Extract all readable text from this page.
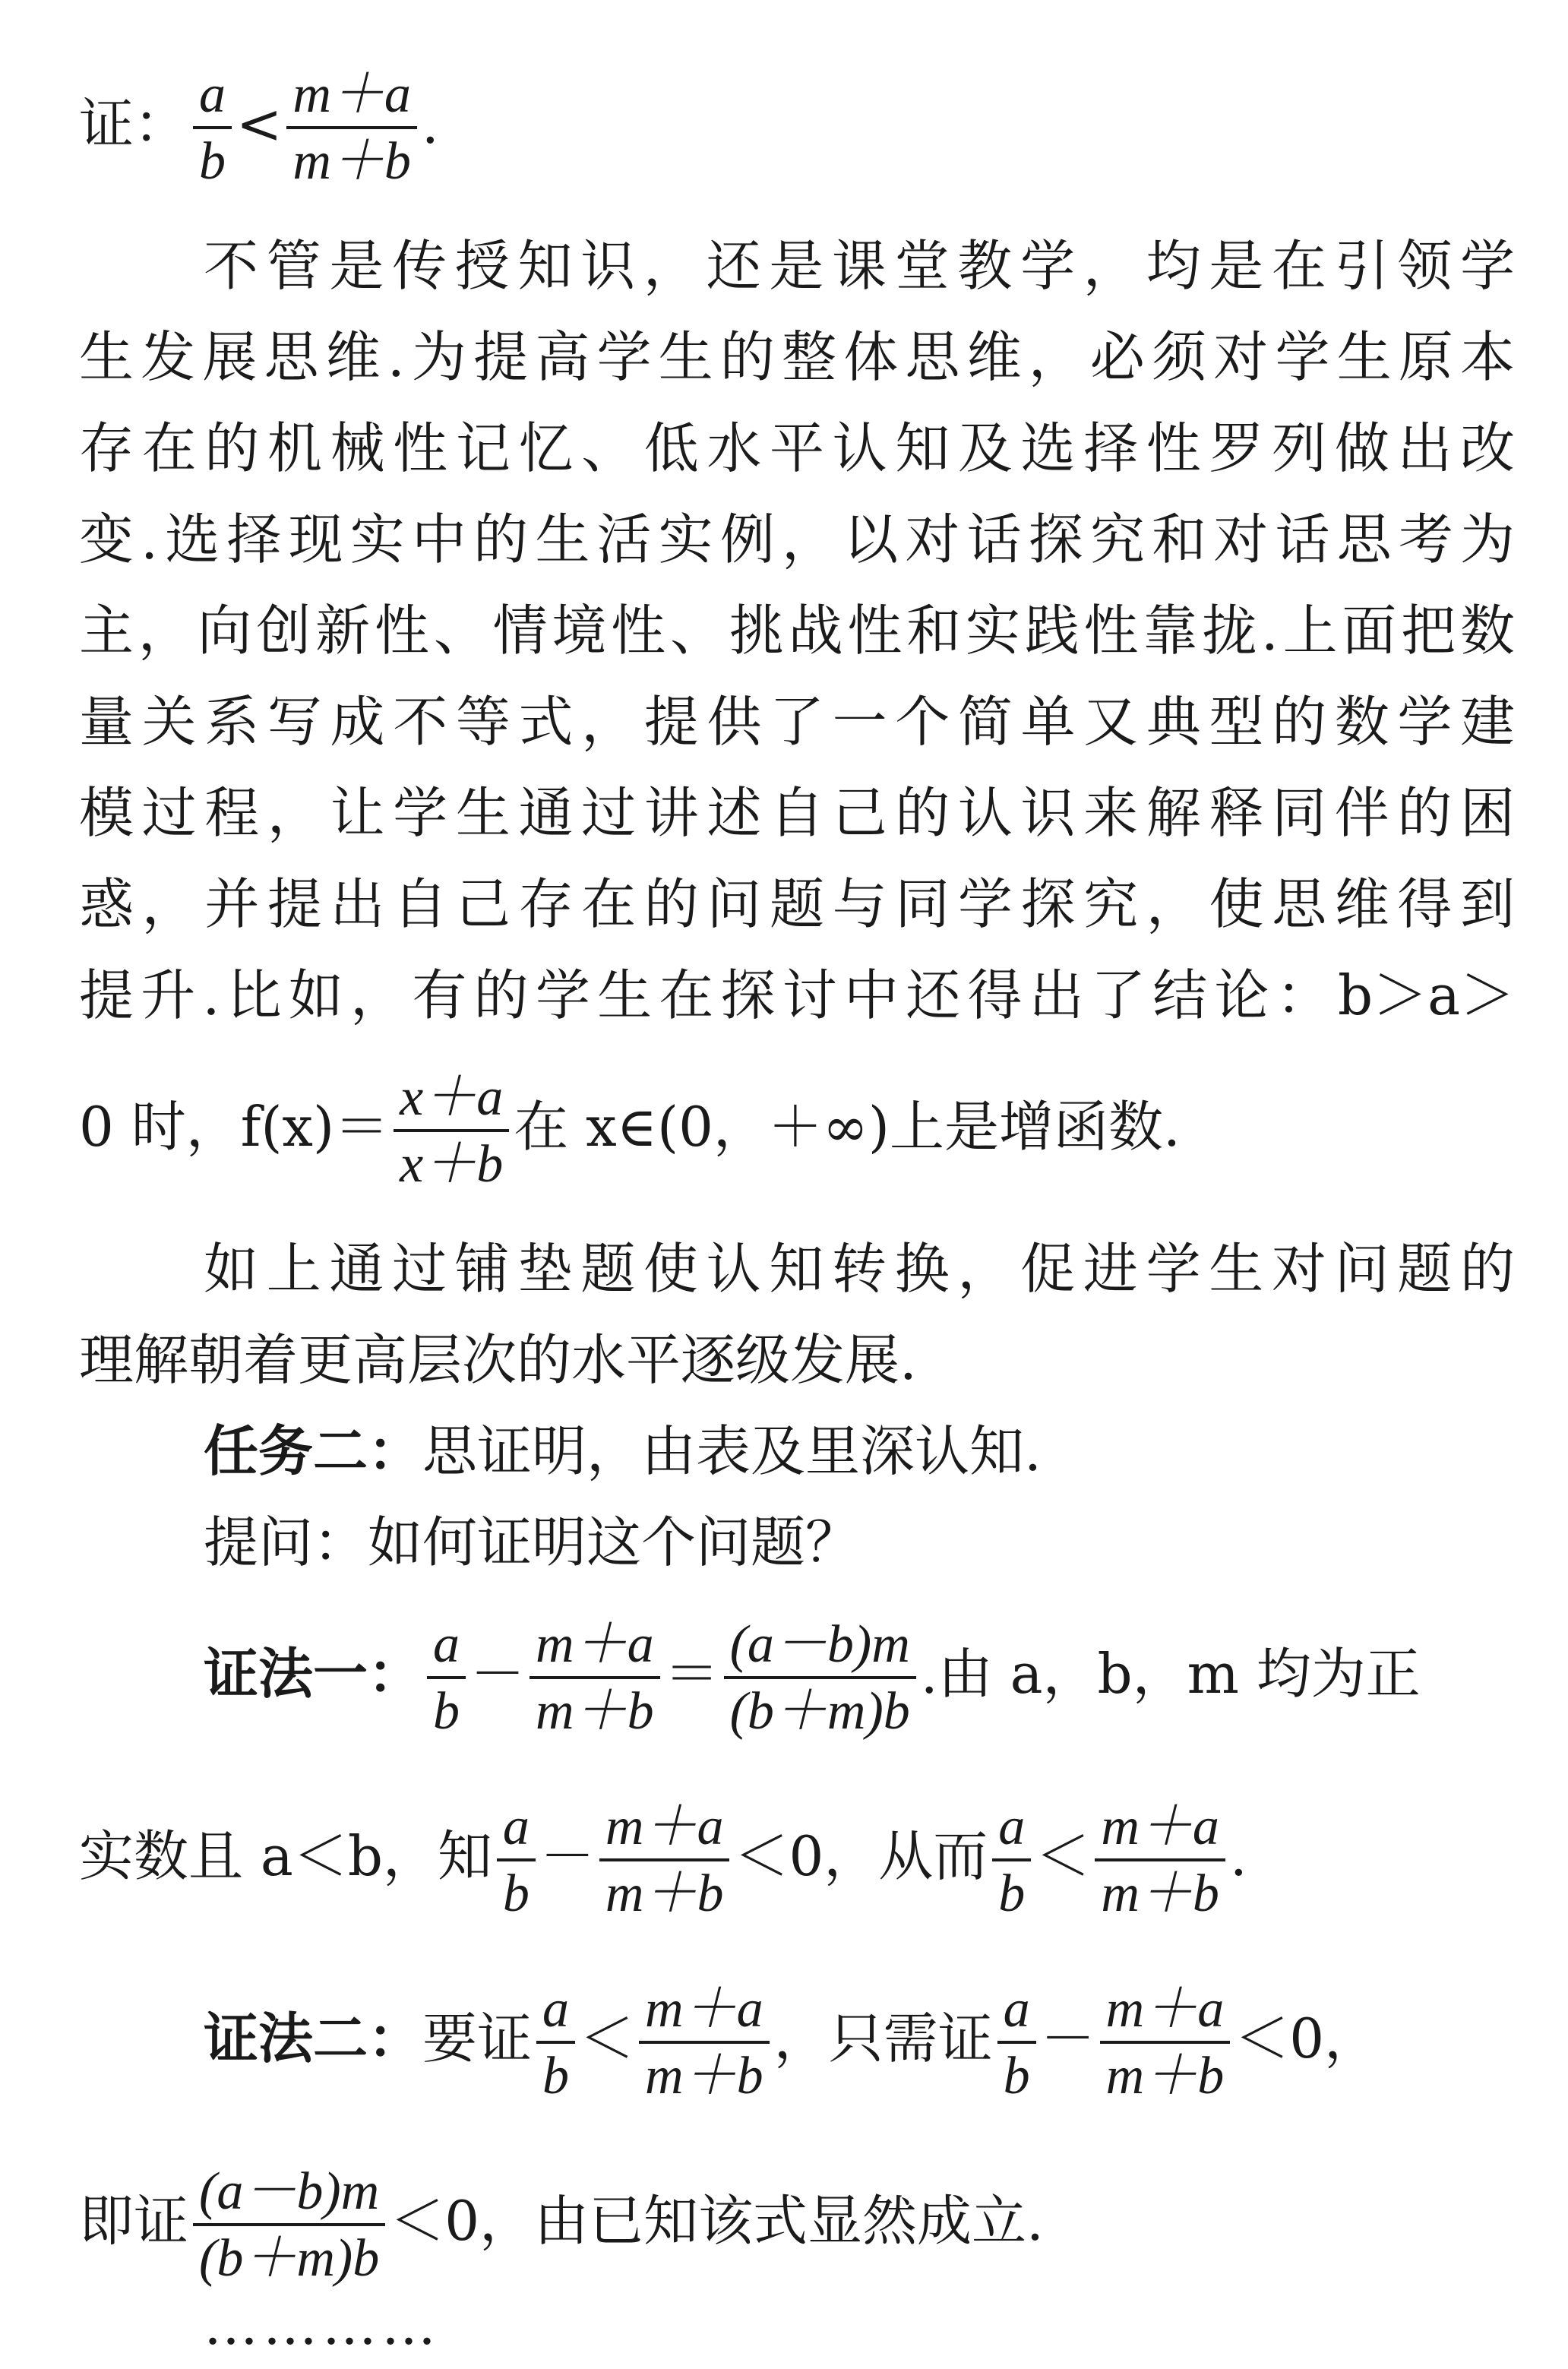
证： $\frac{a}{b} < \frac{m+a}{m+b}$ .
不管是传授知识，还是课堂教学，均是在引领学
生发展思维.为提高学生的整体思维，必须对学生原本
存在的机械性记忆、低水平认知及选择性罗列做出改
变.选择现实中的生活实例，以对话探究和对话思考为
主，向创新性、情境性、挑战性和实践性靠拢.上面把数
量关系写成不等式，提供了一个简单又典型的数学建
模过程，让学生通过讲述自己的认识来解释同伴的困
惑，并提出自己存在的问题与同学探究，使思维得到
提升.比如，有的学生在探讨中还得出了结论：b＞a＞
0 时，$f(x)= \frac{x+a}{x+b}$ 在 x∈(0，＋∞)上是增函数.
如上通过铺垫题使认知转换，促进学生对问题的
理解朝着更高层次的水平逐级发展.
任务二：思证明，由表及里深认知.
提问：如何证明这个问题？
证法一： $\frac{a}{b} - \frac{m+a}{m+b} = \frac{(a-b)m}{(b+m)b}$ .由 a，b，m 均为正
实数且 a＜b，知 $\frac{a}{b} - \frac{m+a}{m+b} <0$，从而 $\frac{a}{b} < \frac{m+a}{m+b}$ .
证法二：要证 $\frac{a}{b} < \frac{m+a}{m+b}$ ，只需证 $\frac{a}{b} - \frac{m+a}{m+b} <0$，
即证 $\frac{(a-b)m}{(b+m)b} <0$，由已知该式显然成立.
…………
